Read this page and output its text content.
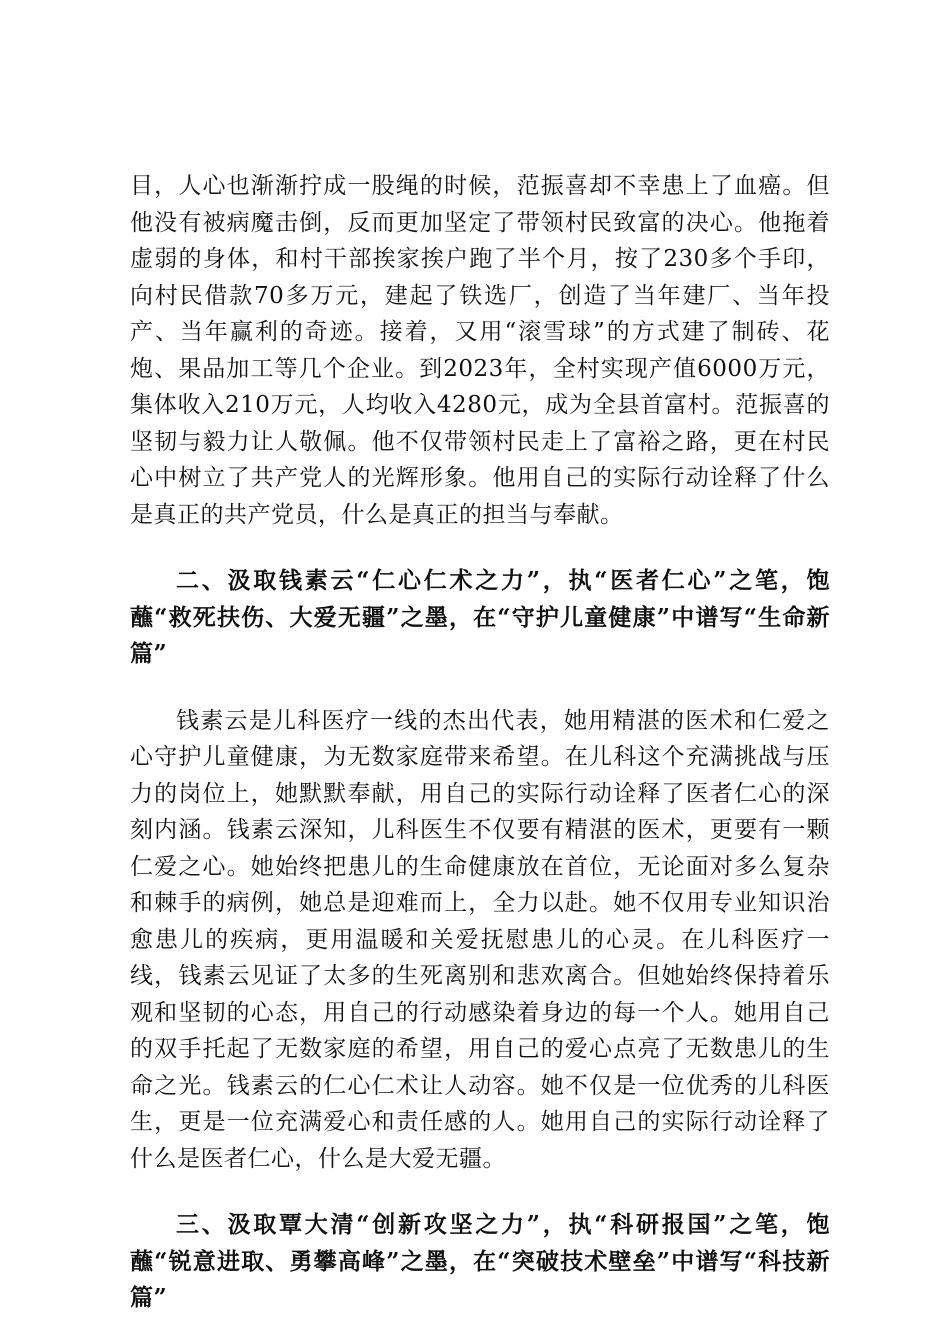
目，人心也渐渐拧成一股绳的时候，范振喜却不幸患上了血癌。但他没有被病魔击倒，反而更加坚定了带领村民致富的决心。他拖着虚弱的身体，和村干部挨家挨户跑了半个月，按了230多个手印，向村民借款70多万元，建起了铁选厂，创造了当年建厂、当年投产、当年赢利的奇迹。接着，又用“滚雪球”的方式建了制砖、花炮、果品加工等几个企业。到2023年，全村实现产值6000万元，集体收入210万元，人均收入4280元，成为全县首富村。范振喜的坚韧与毅力让人敬佩。他不仅带领村民走上了富裕之路，更在村民心中树立了共产党人的光辉形象。他用自己的实际行动诠释了什么是真正的共产党员，什么是真正的担当与奉献。

二、汲取钱素云“仁心仁术之力”，执“医者仁心”之笔，饱蘸“救死扶伤、大爱无疆”之墨，在“守护儿童健康”中谱写“生命新篇”

钱素云是儿科医疗一线的杰出代表，她用精湛的医术和仁爱之心守护儿童健康，为无数家庭带来希望。在儿科这个充满挑战与压力的岗位上，她默默奉献，用自己的实际行动诠释了医者仁心的深刻内涵。钱素云深知，儿科医生不仅要有精湛的医术，更要有一颗仁爱之心。她始终把患儿的生命健康放在首位，无论面对多么复杂和棘手的病例，她总是迎难而上，全力以赴。她不仅用专业知识治愈患儿的疾病，更用温暖和关爱抚慰患儿的心灵。在儿科医疗一线，钱素云见证了太多的生死离别和悲欢离合。但她始终保持着乐观和坚韧的心态，用自己的行动感染着身边的每一个人。她用自己的双手托起了无数家庭的希望，用自己的爱心点亮了无数患儿的生命之光。钱素云的仁心仁术让人动容。她不仅是一位优秀的儿科医生，更是一位充满爱心和责任感的人。她用自己的实际行动诠释了什么是医者仁心，什么是大爱无疆。

三、汲取覃大清“创新攻坚之力”，执“科研报国”之笔，饱蘸“锐意进取、勇攀高峰”之墨，在“突破技术壁垒”中谱写“科技新篇”
